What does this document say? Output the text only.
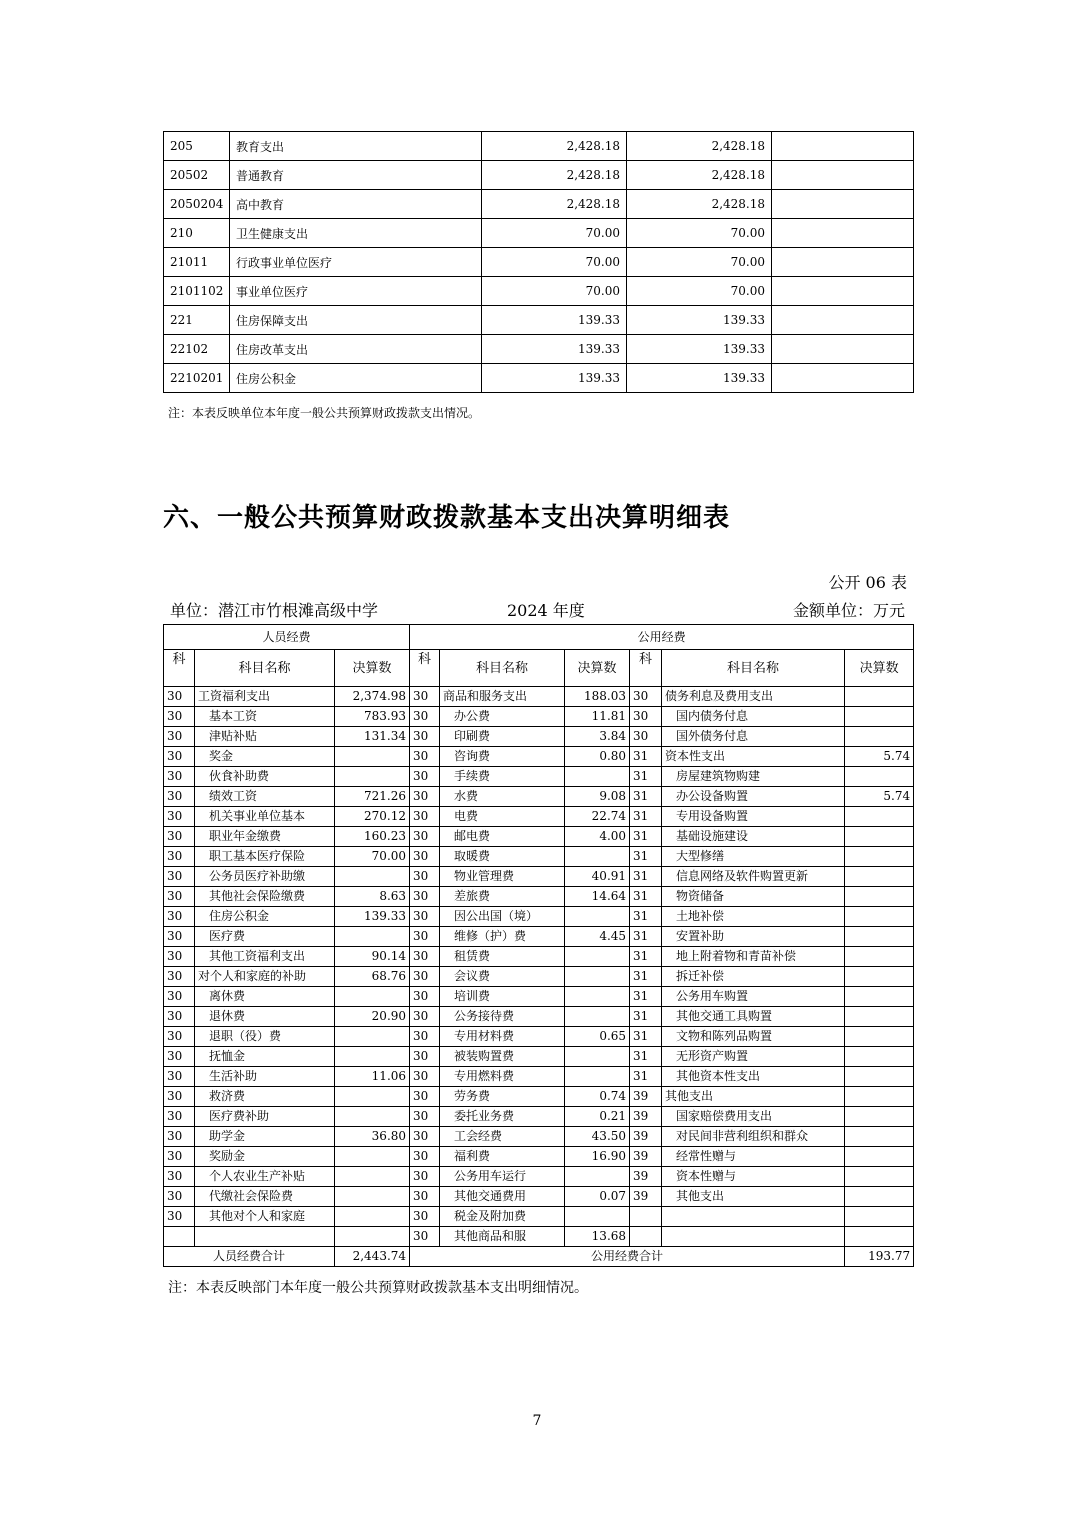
205	教育支出	2,428.18	2,428.18	
20502	普通教育	2,428.18	2,428.18	
2050204	高中教育	2,428.18	2,428.18	
210	卫生健康支出	70.00	70.00	
21011	行政事业单位医疗	70.00	70.00	
2101102	事业单位医疗	70.00	70.00	
221	住房保障支出	139.33	139.33	
22102	住房改革支出	139.33	139.33	
2210201	住房公积金	139.33	139.33	
注：本表反映单位本年度一般公共预算财政拨款支出情况。
六、一般公共预算财政拨款基本支出决算明细表
公开 06 表
单位：潜江市竹根滩高级中学	2024 年度	金额单位：万元
人员经费			公用经费					
科	科目名称	决算数	科	科目名称	决算数	科	科目名称	决算数
30	工资福利支出	2,374.98	30	商品和服务支出	188.03	30	债务利息及费用支出	
30	基本工资	783.93	30	办公费	11.81	30	国内债务付息	
30	津贴补贴	131.34	30	印刷费	3.84	30	国外债务付息	
30	奖金		30	咨询费	0.80	31	资本性支出	5.74
30	伙食补助费		30	手续费		31	房屋建筑物购建	
30	绩效工资	721.26	30	水费	9.08	31	办公设备购置	5.74
30	机关事业单位基本	270.12	30	电费	22.74	31	专用设备购置	
30	职业年金缴费	160.23	30	邮电费	4.00	31	基础设施建设	
30	职工基本医疗保险	70.00	30	取暖费		31	大型修缮	
30	公务员医疗补助缴		30	物业管理费	40.91	31	信息网络及软件购置更新	
30	其他社会保险缴费	8.63	30	差旅费	14.64	31	物资储备	
30	住房公积金	139.33	30	因公出国（境）		31	土地补偿	
30	医疗费		30	维修（护）费	4.45	31	安置补助	
30	其他工资福利支出	90.14	30	租赁费		31	地上附着物和青苗补偿	
30	对个人和家庭的补助	68.76	30	会议费		31	拆迁补偿	
30	离休费		30	培训费		31	公务用车购置	
30	退休费	20.90	30	公务接待费		31	其他交通工具购置	
30	退职（役）费		30	专用材料费	0.65	31	文物和陈列品购置	
30	抚恤金		30	被装购置费		31	无形资产购置	
30	生活补助	11.06	30	专用燃料费		31	其他资本性支出	
30	救济费		30	劳务费	0.74	39	其他支出	
30	医疗费补助		30	委托业务费	0.21	39	国家赔偿费用支出	
30	助学金	36.80	30	工会经费	43.50	39	对民间非营利组织和群众	
30	奖励金		30	福利费	16.90	39	经常性赠与	
30	个人农业生产补贴		30	公务用车运行		39	资本性赠与	
30	代缴社会保险费		30	其他交通费用	0.07	39	其他支出	
30	其他对个人和家庭		30	税金及附加费				
			30	其他商品和服	13.68			
人员经费合计		2,443.74	公用经费合计					193.77
注：本表反映部门本年度一般公共预算财政拨款基本支出明细情况。
7
